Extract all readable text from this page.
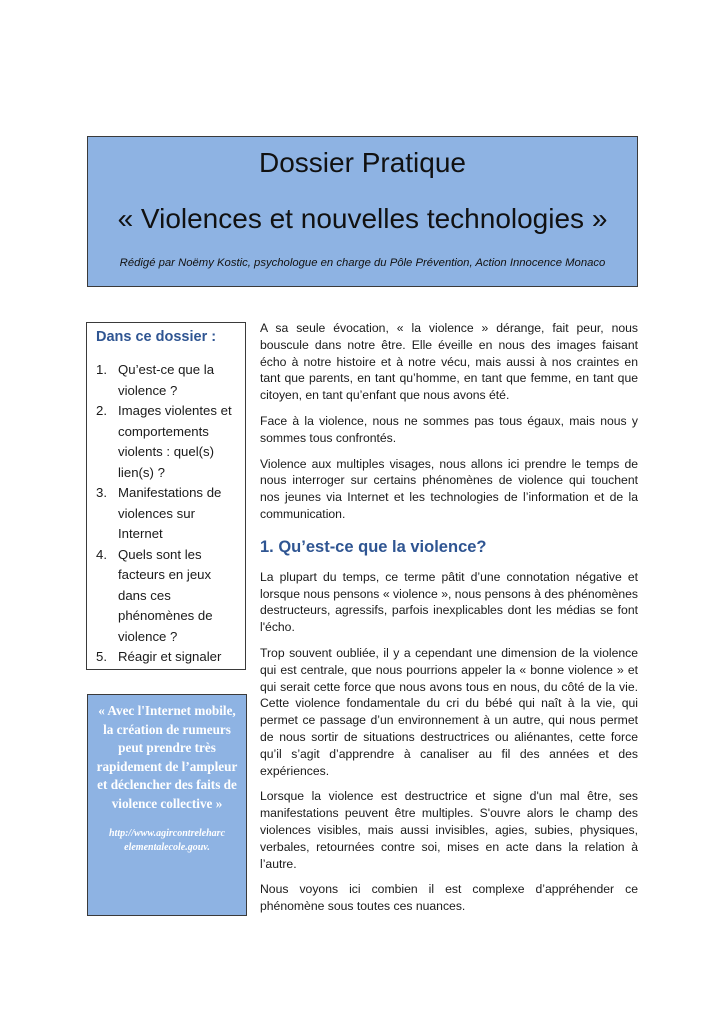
Dossier Pratique
« Violences et nouvelles technologies »
Rédigé par Noëmy Kostic, psychologue en charge du Pôle Prévention, Action Innocence Monaco
Dans ce dossier :
1. Qu’est-ce que la violence ?
2. Images violentes et comportements violents : quel(s) lien(s) ?
3. Manifestations de violences sur Internet
4. Quels sont les facteurs en jeux dans ces phénomènes de violence ?
5. Réagir et signaler
« Avec l'Internet mobile, la création de rumeurs peut prendre très rapidement de l’ampleur et déclencher des faits de violence collective »
http://www.agircontreleharc elementalecole.gouv.

A sa seule évocation, « la violence » dérange, fait peur, nous bouscule dans notre être. Elle éveille en nous des images faisant écho à notre histoire et à notre vécu, mais aussi à nos craintes en tant que parents, en tant qu’homme, en tant que femme, en tant que citoyen, en tant qu’enfant que nous avons été.

Face à la violence, nous ne sommes pas tous égaux, mais nous y sommes tous confrontés.

Violence aux multiples visages, nous allons ici prendre le temps de nous interroger sur certains phénomènes de violence qui touchent nos jeunes via Internet et les technologies de l’information et de la communication.

1. Qu’est-ce que la violence?

La plupart du temps, ce terme pâtit d’une connotation négative et lorsque nous pensons « violence », nous pensons à des phénomènes destructeurs, agressifs, parfois inexplicables dont les médias se font l'écho.

Trop souvent oubliée, il y a cependant une dimension de la violence qui est centrale, que nous pourrions appeler la « bonne violence » et qui serait cette force que nous avons tous en nous, du côté de la vie. Cette violence fondamentale du cri du bébé qui naît à la vie, qui permet ce passage d’un environnement à un autre, qui nous permet de nous sortir de situations destructrices ou aliénantes, cette force qu’il s’agit d’apprendre à canaliser au fil des années et des expériences.

Lorsque la violence est destructrice et signe d'un mal être, ses manifestations peuvent être multiples. S'ouvre alors le champ des violences visibles, mais aussi invisibles, agies, subies, physiques, verbales, retournées contre soi, mises en acte dans la relation à l’autre.

Nous voyons ici combien il est complexe d’appréhender ce phénomène sous toutes ces nuances.
